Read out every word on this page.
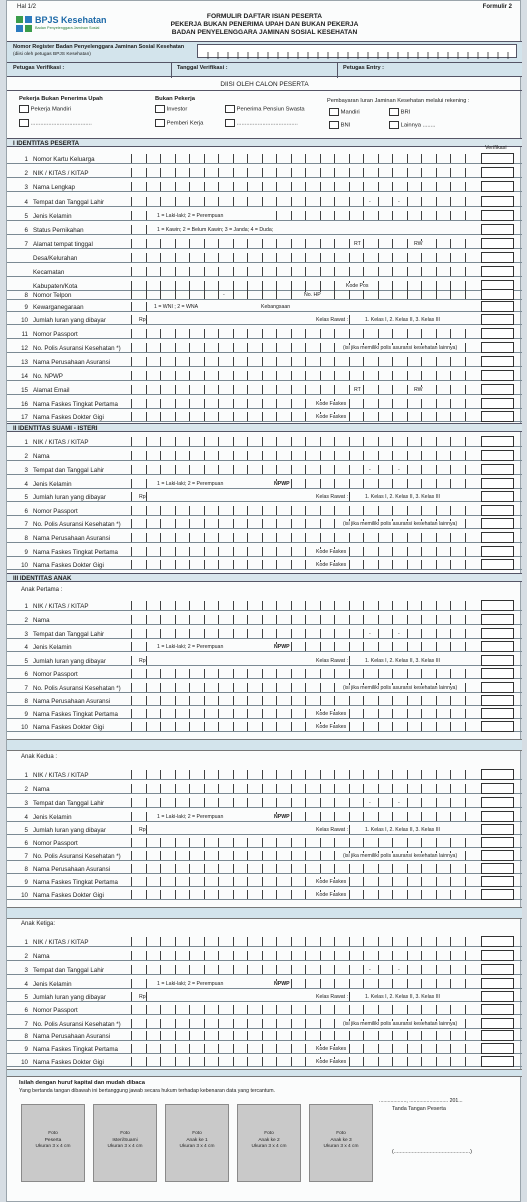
Hal 1/2	Formulir 2
BPJS Kesehatan
Badan Penyelenggara Jaminan Sosial
FORMULIR DAFTAR ISIAN PESERTA
PEKERJA BUKAN PENERIMA UPAH DAN BUKAN PEKERJA
BADAN PENYELENGGARA JAMINAN SOSIAL KESEHATAN
Nomor Register Badan Penyelenggara Jaminan Sosial Kesehatan
(diisi oleh petugas BPJS Kesehatan)
Petugas Verifikasi :	Tanggal Verifikasi :	Petugas Entry :
DIISI OLEH CALON PESERTA
Pekerja Bukan Penerima Upah
Pekerja Mandiri
......................................
Bukan Pekerja
Investor
Pemberi Kerja
Penerima Pensiun Swasta
......................................
Pembayaran Iuran Jaminan Kesehatan melalui rekening :
Mandiri	BRI
BNI	Lainnya ........
I IDENTITAS PESERTA
Verifikasi
II IDENTITAS SUAMI - ISTERI
III IDENTITAS ANAK
Anak Pertama :
Anak Kedua :
Anak Ketiga:
1 Nomor Kartu Keluarga
2 NIK / KITAS / KITAP
3 Nama Lengkap
4 Tempat dan Tanggal Lahir	-	-
5 Jenis Kelamin	1 = Laki-laki; 2 = Perempuan
6 Status Pernikahan	1 = Kawin; 2 = Belum Kawin; 3 = Janda; 4 = Duda;
7 Alamat tempat tinggal	RT	RW
Desa/Kelurahan
Kecamatan
Kabupaten/Kota	Kode Pos
8 Nomor Telpon	-	No. HP
9 Kewarganegaraan	1 = WNI ; 2 = WNA	Kebangsaan
10 Jumlah Iuran yang dibayar	Rp.	Kelas Rawat :	1. Kelas I, 2. Kelas II, 3. Kelas III
11 Nomor Passport
12 No. Polis Asuransi Kesehatan *)	(isi jika memiliki polis asuransi kesehatan lainnya)
13 Nama Perusahaan Asuransi
14 No. NPWP
15 Alamat Email	RT	RW
16 Nama Faskes Tingkat Pertama	Kode Faskes
17 Nama Faskes Dokter Gigi	Kode Faskes
1 NIK / KITAS / KITAP
2 Nama
3 Tempat dan Tanggal Lahir	-	-
4 Jenis Kelamin	1 = Laki-laki; 2 = Perempuan	NPWP
5 Jumlah Iuran yang dibayar	Rp.	Kelas Rawat :	1. Kelas I, 2. Kelas II, 3. Kelas III
6 Nomor Passport
7 No. Polis Asuransi Kesehatan *)	(isi jika memiliki polis asuransi kesehatan lainnya)
8 Nama Perusahaan Asuransi
9 Nama Faskes Tingkat Pertama	Kode Faskes
10 Nama Faskes Dokter Gigi	Kode Faskes
1 NIK / KITAS / KITAP
2 Nama
3 Tempat dan Tanggal Lahir	-	-
4 Jenis Kelamin	1 = Laki-laki; 2 = Perempuan	NPWP
5 Jumlah Iuran yang dibayar	Rp.	Kelas Rawat :	1. Kelas I, 2. Kelas II, 3. Kelas III
6 Nomor Passport
7 No. Polis Asuransi Kesehatan *)	(isi jika memiliki polis asuransi kesehatan lainnya)
8 Nama Perusahaan Asuransi
9 Nama Faskes Tingkat Pertama	Kode Faskes
10 Nama Faskes Dokter Gigi	Kode Faskes
1 NIK / KITAS / KITAP
2 Nama
3 Tempat dan Tanggal Lahir	-	-
4 Jenis Kelamin	1 = Laki-laki; 2 = Perempuan	NPWP
5 Jumlah Iuran yang dibayar	Rp.	Kelas Rawat :	1. Kelas I, 2. Kelas II, 3. Kelas III
6 Nomor Passport
7 No. Polis Asuransi Kesehatan *)	(isi jika memiliki polis asuransi kesehatan lainnya)
8 Nama Perusahaan Asuransi
9 Nama Faskes Tingkat Pertama	Kode Faskes
10 Nama Faskes Dokter Gigi	Kode Faskes
1 NIK / KITAS / KITAP
2 Nama
3 Tempat dan Tanggal Lahir	-	-
4 Jenis Kelamin	1 = Laki-laki; 2 = Perempuan	NPWP
5 Jumlah Iuran yang dibayar	Rp.	Kelas Rawat :	1. Kelas I, 2. Kelas II, 3. Kelas III
6 Nomor Passport
7 No. Polis Asuransi Kesehatan *)	(isi jika memiliki polis asuransi kesehatan lainnya)
8 Nama Perusahaan Asuransi
9 Nama Faskes Tingkat Pertama	Kode Faskes
10 Nama Faskes Dokter Gigi	Kode Faskes
Isilah dengan huruf kapital dan mudah dibaca
Yang bertanda tangan dibawah ini bertanggung jawab secara hukum terhadap kebenaran data yang tercantum.
..................., ........................... 201...
Tanda Tangan Peserta
(...................................................)
Foto
Peserta
Ukuran 3 x 4 cm
Foto
Isteri/Suami
Ukuran 3 x 4 cm
Foto
Anak ke 1
Ukuran 3 x 4 cm
Foto
Anak ke 2
Ukuran 3 x 4 cm
Foto
Anak ke 3
Ukuran 3 x 4 cm
